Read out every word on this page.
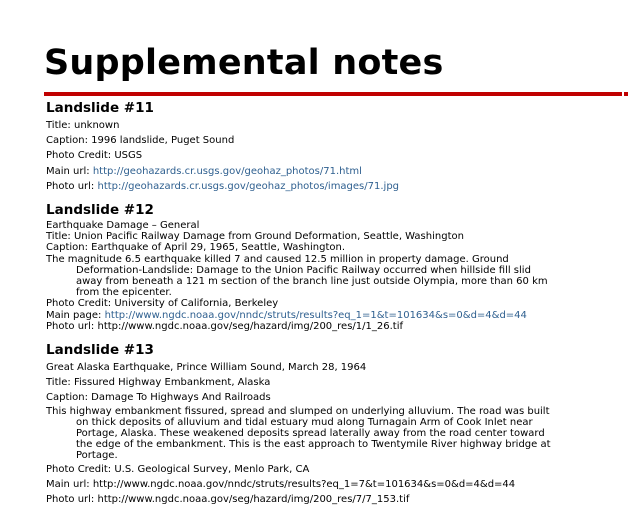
Supplemental notes
Landslide #11
Title: unknown
Caption: 1996 landslide, Puget Sound
Photo Credit: USGS
Main url: http://geohazards.cr.usgs.gov/geohaz_photos/71.html
Photo url: http://geohazards.cr.usgs.gov/geohaz_photos/images/71.jpg
Landslide #12
Earthquake Damage – General
Title: Union Pacific Railway Damage from Ground Deformation, Seattle, Washington
Caption: Earthquake of April 29, 1965, Seattle, Washington.
The magnitude 6.5 earthquake killed 7 and caused 12.5 million in property damage. Ground
Deformation-Landslide: Damage to the Union Pacific Railway occurred when hillside fill slid
away from beneath a 121 m section of the branch line just outside Olympia, more than 60 km
from the epicenter.
Photo Credit: University of California, Berkeley
Main page: http://www.ngdc.noaa.gov/nndc/struts/results?eq_1=1&t=101634&s=0&d=4&d=44
Photo url: http://www.ngdc.noaa.gov/seg/hazard/img/200_res/1/1_26.tif
Landslide #13
Great Alaska Earthquake, Prince William Sound, March 28, 1964
Title: Fissured Highway Embankment, Alaska
Caption: Damage To Highways And Railroads
This highway embankment fissured, spread and slumped on underlying alluvium. The road was built
on thick deposits of alluvium and tidal estuary mud along Turnagain Arm of Cook Inlet near
Portage, Alaska. These weakened deposits spread laterally away from the road center toward
the edge of the embankment. This is the east approach to Twentymile River highway bridge at
Portage.
Photo Credit: U.S. Geological Survey, Menlo Park, CA
Main url: http://www.ngdc.noaa.gov/nndc/struts/results?eq_1=7&t=101634&s=0&d=4&d=44
Photo url: http://www.ngdc.noaa.gov/seg/hazard/img/200_res/7/7_153.tif
